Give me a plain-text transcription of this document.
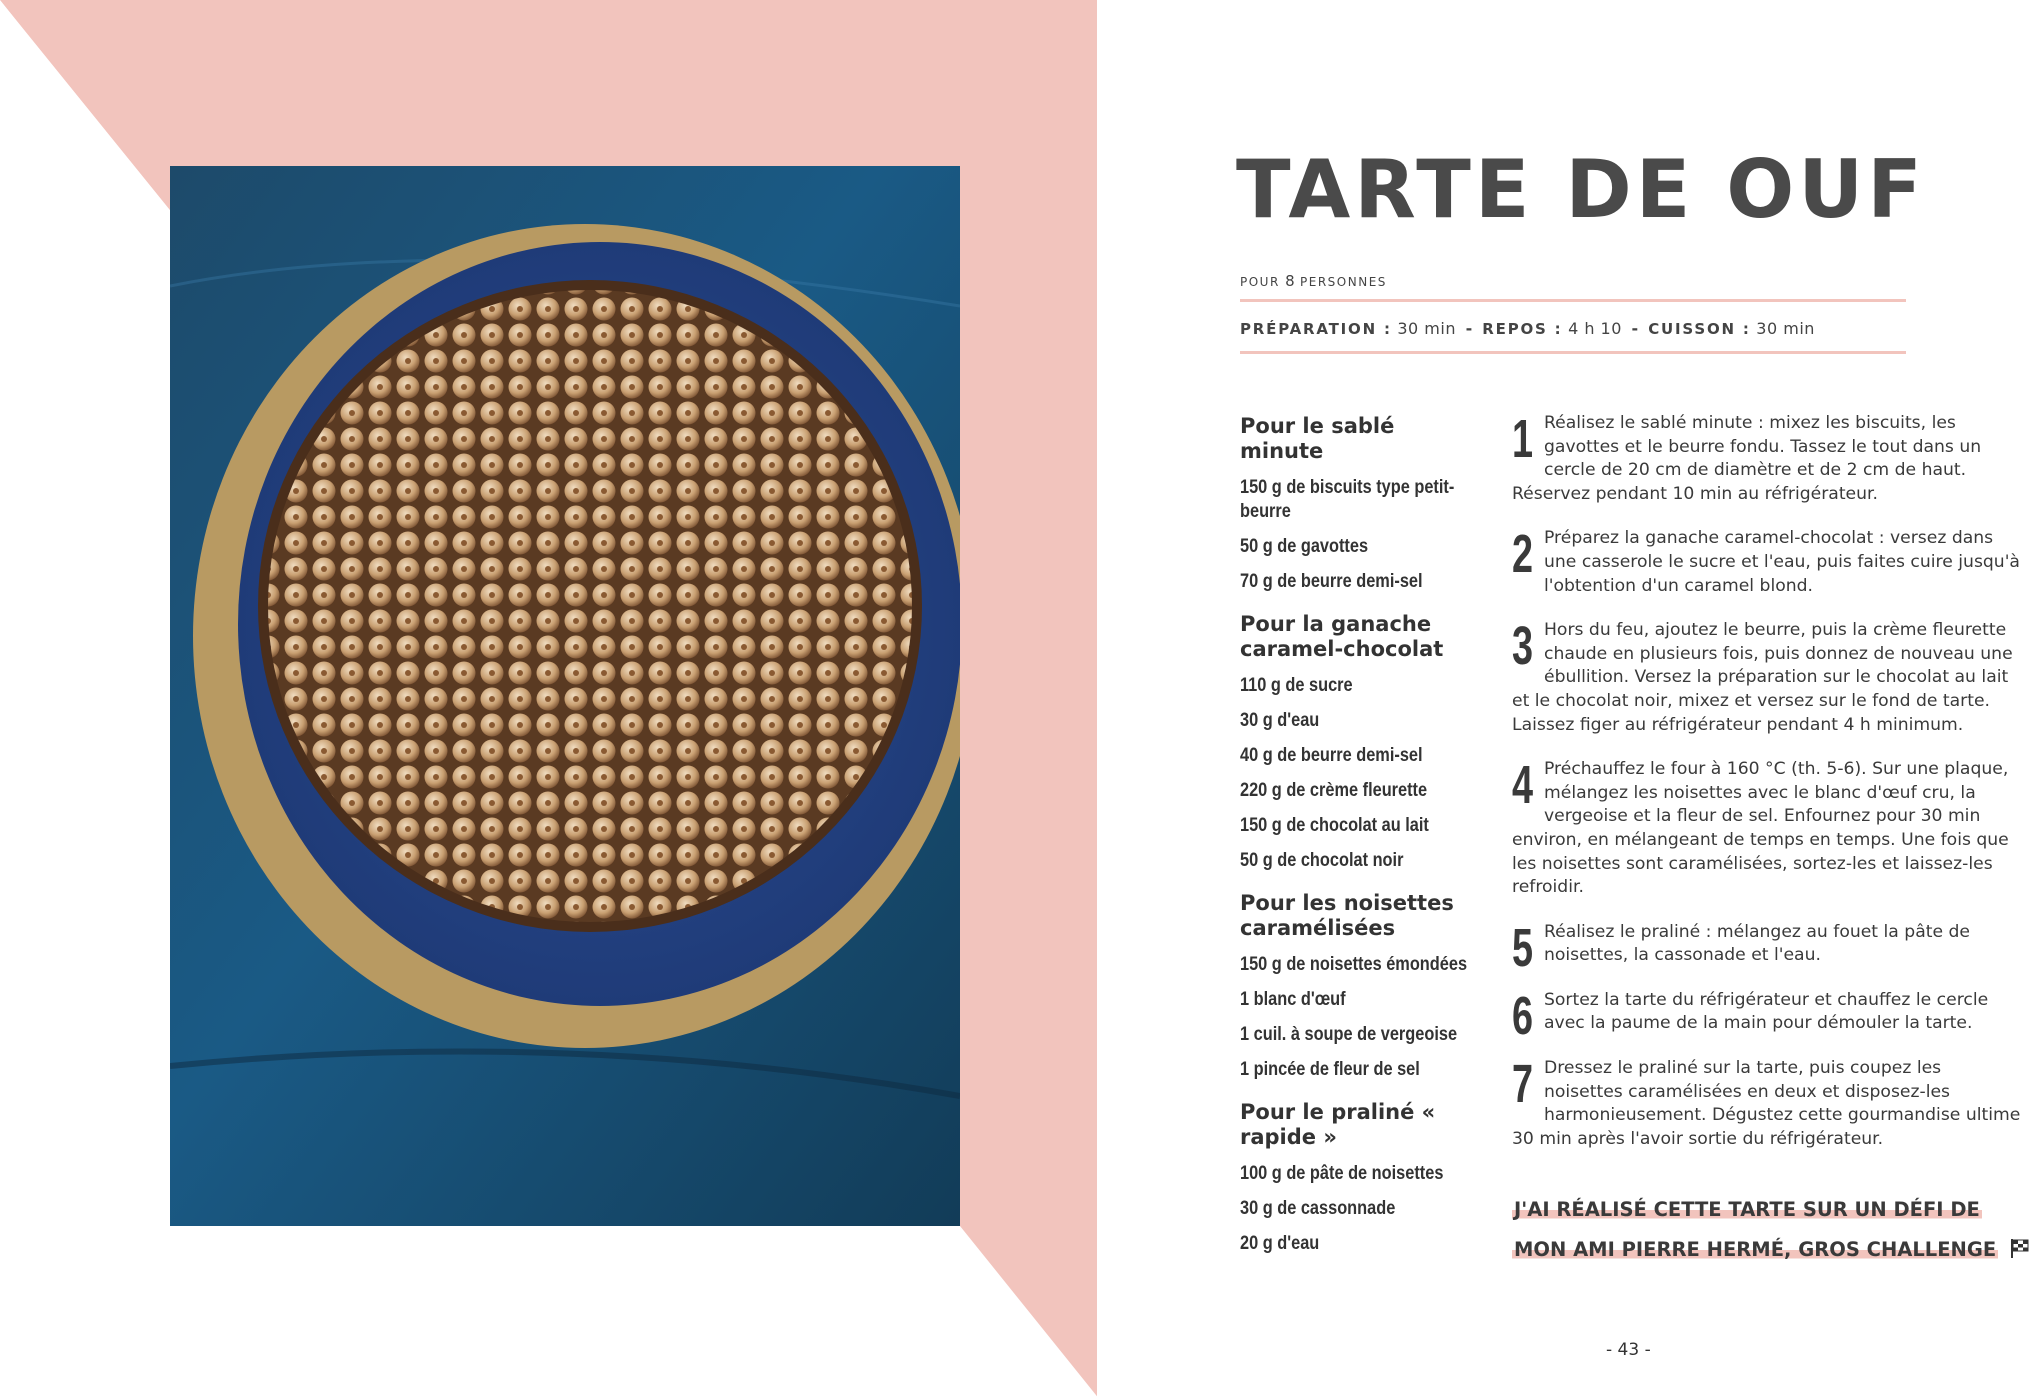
TARTE DE OUF
POUR 8 PERSONNES
PRÉPARATION : 30 min - REPOS : 4 h 10 - CUISSON : 30 min
Pour le sablé minute
150 g de biscuits type petit-beurre
50 g de gavottes
70 g de beurre demi-sel
Pour la ganache caramel-chocolat
110 g de sucre
30 g d'eau
40 g de beurre demi-sel
220 g de crème fleurette
150 g de chocolat au lait
50 g de chocolat noir
Pour les noisettes caramélisées
150 g de noisettes émondées
1 blanc d'œuf
1 cuil. à soupe de vergeoise
1 pincée de fleur de sel
Pour le praliné « rapide »
100 g de pâte de noisettes
30 g de cassonnade
20 g d'eau
1 Réalisez le sablé minute : mixez les biscuits, les gavottes et le beurre fondu. Tassez le tout dans un cercle de 20 cm de diamètre et de 2 cm de haut. Réservez pendant 10 min au réfrigérateur.
2 Préparez la ganache caramel-chocolat : versez dans une casserole le sucre et l'eau, puis faites cuire jusqu'à l'obtention d'un caramel blond.
3 Hors du feu, ajoutez le beurre, puis la crème fleurette chaude en plusieurs fois, puis donnez de nouveau une ébullition. Versez la préparation sur le chocolat au lait et le chocolat noir, mixez et versez sur le fond de tarte. Laissez figer au réfrigérateur pendant 4 h minimum.
4 Préchauffez le four à 160 °C (th. 5-6). Sur une plaque, mélangez les noisettes avec le blanc d'œuf cru, la vergeoise et la fleur de sel. Enfournez pour 30 min environ, en mélangeant de temps en temps. Une fois que les noisettes sont caramélisées, sortez-les et laissez-les refroidir.
5 Réalisez le praliné : mélangez au fouet la pâte de noisettes, la cassonade et l'eau.
6 Sortez la tarte du réfrigérateur et chauffez le cercle avec la paume de la main pour démouler la tarte.
7 Dressez le praliné sur la tarte, puis coupez les noisettes caramélisées en deux et disposez-les harmonieusement. Dégustez cette gourmandise ultime 30 min après l'avoir sortie du réfrigérateur.
J'AI RÉALISÉ CETTE TARTE SUR UN DÉFI DE
MON AMI PIERRE HERMÉ, GROS CHALLENGE
- 43 -
